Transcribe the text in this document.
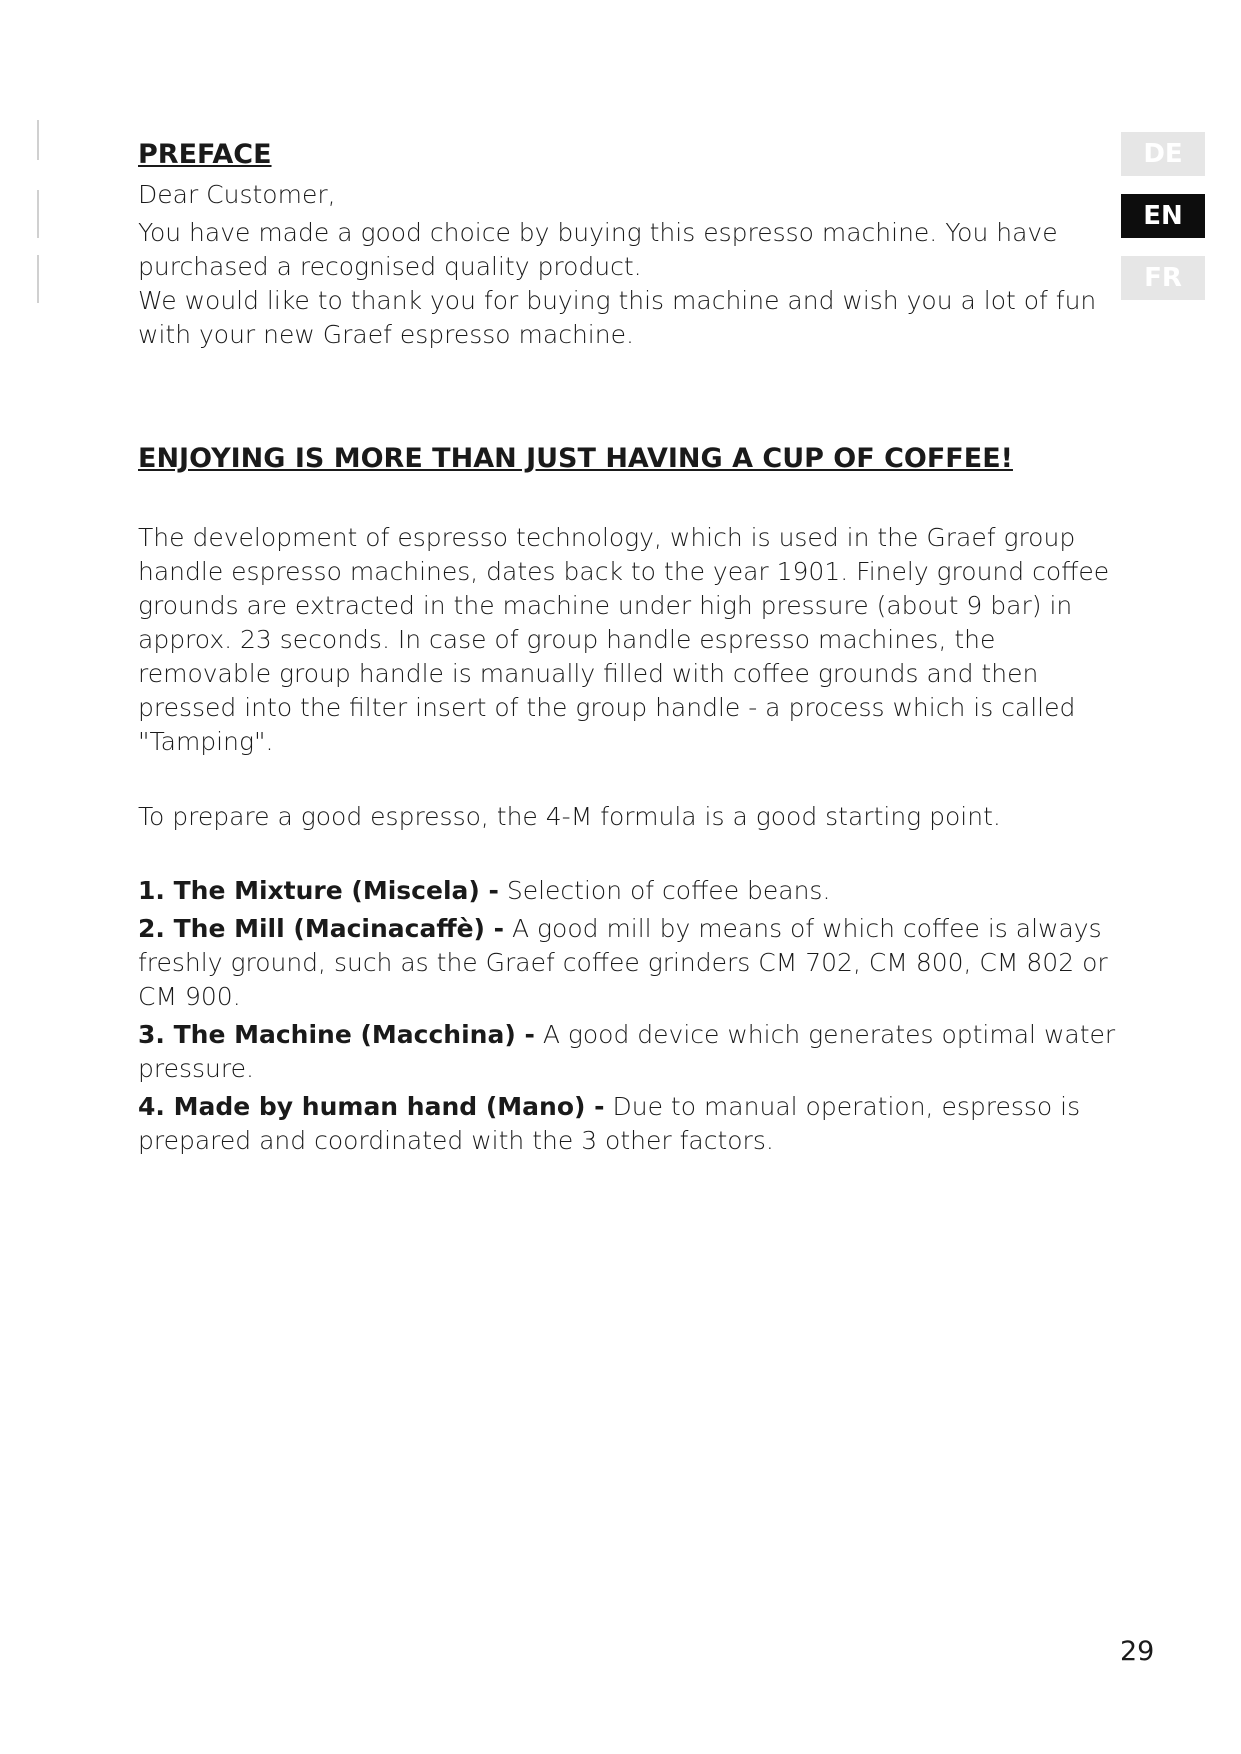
PREFACE

Dear Customer,

You have made a good choice by buying this espresso machine. You have purchased a recognised quality product.

We would like to thank you for buying this machine and wish you a lot of fun with your new Graef espresso machine.

ENJOYING IS MORE THAN JUST HAVING A CUP OF COFFEE!

The development of espresso technology, which is used in the Graef group handle espresso machines, dates back to the year 1901. Finely ground coffee grounds are extracted in the machine under high pressure (about 9 bar) in approx. 23 seconds. In case of group handle espresso machines, the removable group handle is manually filled with coffee grounds and then pressed into the filter insert of the group handle - a process which is called "Tamping".

To prepare a good espresso, the 4-M formula is a good starting point.

1. The Mixture (Miscela) - Selection of coffee beans.

2. The Mill (Macinacaffè) - A good mill by means of which coffee is always freshly ground, such as the Graef coffee grinders CM 702, CM 800, CM 802 or CM 900.

3. The Machine (Macchina) - A good device which generates optimal water pressure.

4. Made by human hand (Mano) - Due to manual operation, espresso is prepared and coordinated with the 3 other factors.

DE
EN
FR
29
